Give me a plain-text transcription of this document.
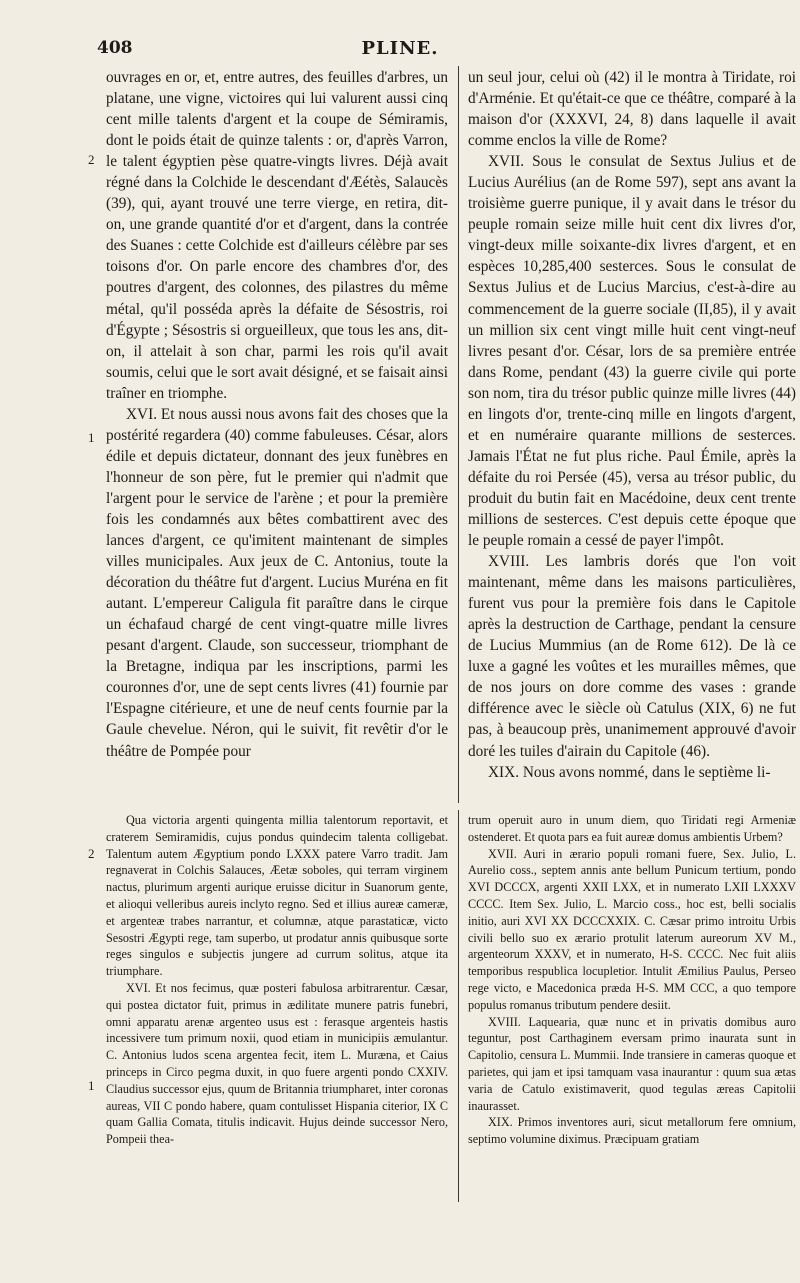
408	PLINE.
2
1
2
1

ouvrages en or, et, entre autres, des feuilles d'arbres, un platane, une vigne, victoires qui lui valurent aussi cinq cent mille talents d'argent et la coupe de Sémiramis, dont le poids était de quinze talents : or, d'après Varron, le talent égyptien pèse quatre-vingts livres. Déjà avait régné dans la Colchide le descendant d'Æétès, Salaucès (39), qui, ayant trouvé une terre vierge, en retira, dit-on, une grande quantité d'or et d'argent, dans la contrée des Suanes : cette Colchide est d'ailleurs célèbre par ses toisons d'or. On parle encore des chambres d'or, des poutres d'argent, des colonnes, des pilastres du même métal, qu'il posséda après la défaite de Sésostris, roi d'Égypte ; Sésostris si orgueilleux, que tous les ans, dit-on, il attelait à son char, parmi les rois qu'il avait soumis, celui que le sort avait désigné, et se faisait ainsi traîner en triomphe.

XVI. Et nous aussi nous avons fait des choses que la postérité regardera (40) comme fabuleuses. César, alors édile et depuis dictateur, donnant des jeux funèbres en l'honneur de son père, fut le premier qui n'admit que l'argent pour le service de l'arène ; et pour la première fois les condamnés aux bêtes combattirent avec des lances d'argent, ce qu'imitent maintenant de simples villes municipales. Aux jeux de C. Antonius, toute la décoration du théâtre fut d'argent. Lucius Muréna en fit autant. L'empereur Caligula fit paraître dans le cirque un échafaud chargé de cent vingt-quatre mille livres pesant d'argent. Claude, son successeur, triomphant de la Bretagne, indiqua par les inscriptions, parmi les couronnes d'or, une de sept cents livres (41) fournie par l'Espagne citérieure, et une de neuf cents fournie par la Gaule chevelue. Néron, qui le suivit, fit revêtir d'or le théâtre de Pompée pour

un seul jour, celui où (42) il le montra à Tiridate, roi d'Arménie. Et qu'était-ce que ce théâtre, comparé à la maison d'or (XXXVI, 24, 8) dans laquelle il avait comme enclos la ville de Rome?

XVII. Sous le consulat de Sextus Julius et de Lucius Aurélius (an de Rome 597), sept ans avant la troisième guerre punique, il y avait dans le trésor du peuple romain seize mille huit cent dix livres d'or, vingt-deux mille soixante-dix livres d'argent, et en espèces 10,285,400 sesterces. Sous le consulat de Sextus Julius et de Lucius Marcius, c'est-à-dire au commencement de la guerre sociale (II,85), il y avait un million six cent vingt mille huit cent vingt-neuf livres pesant d'or. César, lors de sa première entrée dans Rome, pendant (43) la guerre civile qui porte son nom, tira du trésor public quinze mille livres (44) en lingots d'or, trente-cinq mille en lingots d'argent, et en numéraire quarante millions de sesterces. Jamais l'État ne fut plus riche. Paul Émile, après la défaite du roi Persée (45), versa au trésor public, du produit du butin fait en Macédoine, deux cent trente millions de sesterces. C'est depuis cette époque que le peuple romain a cessé de payer l'impôt.

XVIII. Les lambris dorés que l'on voit maintenant, même dans les maisons particulières, furent vus pour la première fois dans le Capitole après la destruction de Carthage, pendant la censure de Lucius Mummius (an de Rome 612). De là ce luxe a gagné les voûtes et les murailles mêmes, que de nos jours on dore comme des vases : grande différence avec le siècle où Catulus (XIX, 6) ne fut pas, à beaucoup près, unanimement approuvé d'avoir doré les tuiles d'airain du Capitole (46).

XIX. Nous avons nommé, dans le septième li-

Qua victoria argenti quingenta millia talentorum reportavit, et craterem Semiramidis, cujus pondus quindecim talenta colligebat. Talentum autem Ægyptium pondo LXXX patere Varro tradit. Jam regnaverat in Colchis Salauces, Æetæ soboles, qui terram virginem nactus, plurimum argenti aurique eruisse dicitur in Suanorum gente, et alioqui velleribus aureis inclyto regno. Sed et illius aureæ cameræ, et argenteæ trabes narrantur, et columnæ, atque parastaticæ, victo Sesostri Ægypti rege, tam superbo, ut prodatur annis quibusque sorte reges singulos e subjectis jungere ad currum solitus, atque ita triumphare.

XVI. Et nos fecimus, quæ posteri fabulosa arbitrarentur. Cæsar, qui postea dictator fuit, primus in ædilitate munere patris funebri, omni apparatu arenæ argenteo usus est : ferasque argenteis hastis incessivere tum primum noxii, quod etiam in municipiis æmulantur. C. Antonius ludos scena argentea fecit, item L. Muræna, et Caius princeps in Circo pegma duxit, in quo fuere argenti pondo CXXIV. Claudius successor ejus, quum de Britannia triumpharet, inter coronas aureas, VII C pondo habere, quam contulisset Hispania citerior, IX C quam Gallia Comata, titulis indicavit. Hujus deinde successor Nero, Pompeii thea-

trum operuit auro in unum diem, quo Tiridati regi Armeniæ ostenderet. Et quota pars ea fuit aureæ domus ambientis Urbem?

XVII. Auri in ærario populi romani fuere, Sex. Julio, L. Aurelio coss., septem annis ante bellum Punicum tertium, pondo XVI DCCCX, argenti XXII LXX, et in numerato LXII LXXXV CCCC. Item Sex. Julio, L. Marcio coss., hoc est, belli socialis initio, auri XVI XX DCCCXXIX. C. Cæsar primo introitu Urbis civili bello suo ex ærario protulit laterum aureorum XV M., argenteorum XXXV, et in numerato, H-S. CCCC. Nec fuit aliis temporibus respublica locupletior. Intulit Æmilius Paulus, Perseo rege victo, e Macedonica præda H-S. MM CCC, a quo tempore populus romanus tributum pendere desiit.

XVIII. Laquearia, quæ nunc et in privatis domibus auro teguntur, post Carthaginem eversam primo inaurata sunt in Capitolio, censura L. Mummii. Inde transiere in cameras quoque et parietes, qui jam et ipsi tamquam vasa inaurantur : quum sua ætas varia de Catulo existimaverit, quod tegulas æreas Capitolii inaurasset.

XIX. Primos inventores auri, sicut metallorum fere omnium, septimo volumine diximus. Præcipuam gratiam
